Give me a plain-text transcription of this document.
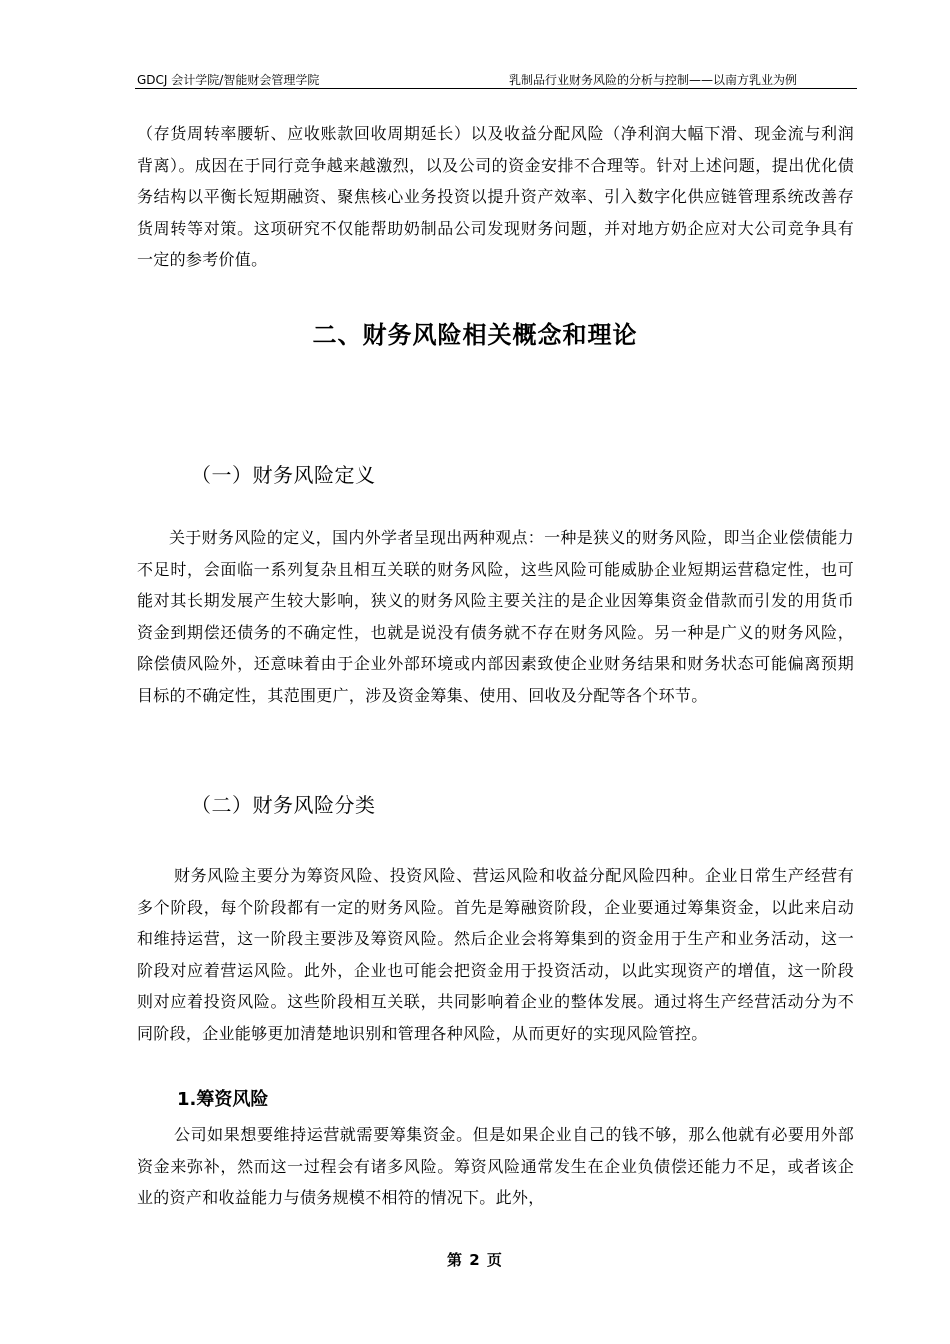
GDCJ 会计学院/智能财会管理学院	乳制品行业财务风险的分析与控制——以南方乳业为例

（存货周转率腰斩、应收账款回收周期延长）以及收益分配风险（净利润大幅下滑、现金流与利润背离）。成因在于同行竞争越来越激烈，以及公司的资金安排不合理等。针对上述问题，提出优化债务结构以平衡长短期融资、聚焦核心业务投资以提升资产效率、引入数字化供应链管理系统改善存货周转等对策。这项研究不仅能帮助奶制品公司发现财务问题，并对地方奶企应对大公司竞争具有一定的参考价值。

二、财务风险相关概念和理论
（一）财务风险定义

关于财务风险的定义，国内外学者呈现出两种观点：一种是狭义的财务风险，即当企业偿债能力不足时，会面临一系列复杂且相互关联的财务风险，这些风险可能威胁企业短期运营稳定性，也可能对其长期发展产生较大影响，狭义的财务风险主要关注的是企业因筹集资金借款而引发的用货币资金到期偿还债务的不确定性，也就是说没有债务就不存在财务风险。另一种是广义的财务风险，除偿债风险外，还意味着由于企业外部环境或内部因素致使企业财务结果和财务状态可能偏离预期目标的不确定性，其范围更广，涉及资金筹集、使用、回收及分配等各个环节。

（二）财务风险分类

财务风险主要分为筹资风险、投资风险、营运风险和收益分配风险四种。企业日常生产经营有多个阶段，每个阶段都有一定的财务风险。首先是筹融资阶段，企业要通过筹集资金，以此来启动和维持运营，这一阶段主要涉及筹资风险。然后企业会将筹集到的资金用于生产和业务活动，这一阶段对应着营运风险。此外，企业也可能会把资金用于投资活动，以此实现资产的增值，这一阶段则对应着投资风险。这些阶段相互关联，共同影响着企业的整体发展。通过将生产经营活动分为不同阶段，企业能够更加清楚地识别和管理各种风险，从而更好的实现风险管控。

1.筹资风险

公司如果想要维持运营就需要筹集资金。但是如果企业自己的钱不够，那么他就有必要用外部资金来弥补，然而这一过程会有诸多风险。筹资风险通常发生在企业负债偿还能力不足，或者该企业的资产和收益能力与债务规模不相符的情况下。此外，

第 2 页
